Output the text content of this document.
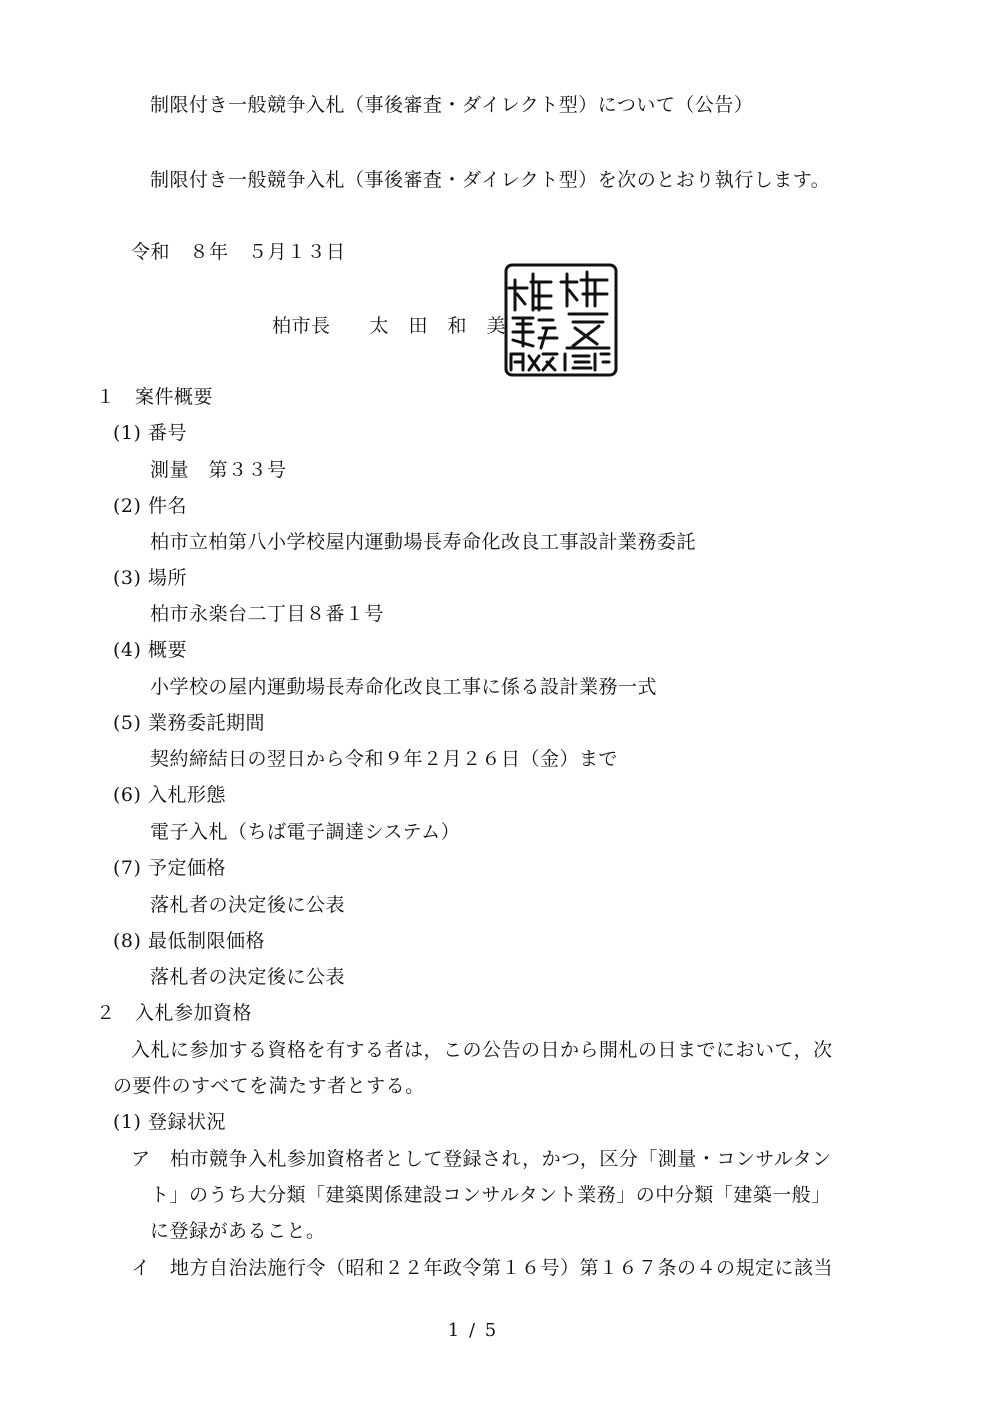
制限付き一般競争入札（事後審査・ダイレクト型）について（公告）
制限付き一般競争入札（事後審査・ダイレクト型）を次のとおり執行します。
令和　８年　５月１３日
柏市長　　太　田　和　美
１　案件概要
(1) 番号
測量　第３３号
(2) 件名
柏市立柏第八小学校屋内運動場長寿命化改良工事設計業務委託
(3) 場所
柏市永楽台二丁目８番１号
(4) 概要
小学校の屋内運動場長寿命化改良工事に係る設計業務一式
(5) 業務委託期間
契約締結日の翌日から令和９年２月２６日（金）まで
(6) 入札形態
電子入札（ちば電子調達システム）
(7) 予定価格
落札者の決定後に公表
(8) 最低制限価格
落札者の決定後に公表
２　入札参加資格
入札に参加する資格を有する者は，この公告の日から開札の日までにおいて，次
の要件のすべてを満たす者とする。
(1) 登録状況
ア　柏市競争入札参加資格者として登録され，かつ，区分「測量・コンサルタン
ト」のうち大分類「建築関係建設コンサルタント業務」の中分類「建築一般」
に登録があること。
イ　地方自治法施行令（昭和２２年政令第１６号）第１６７条の４の規定に該当
1 / 5
